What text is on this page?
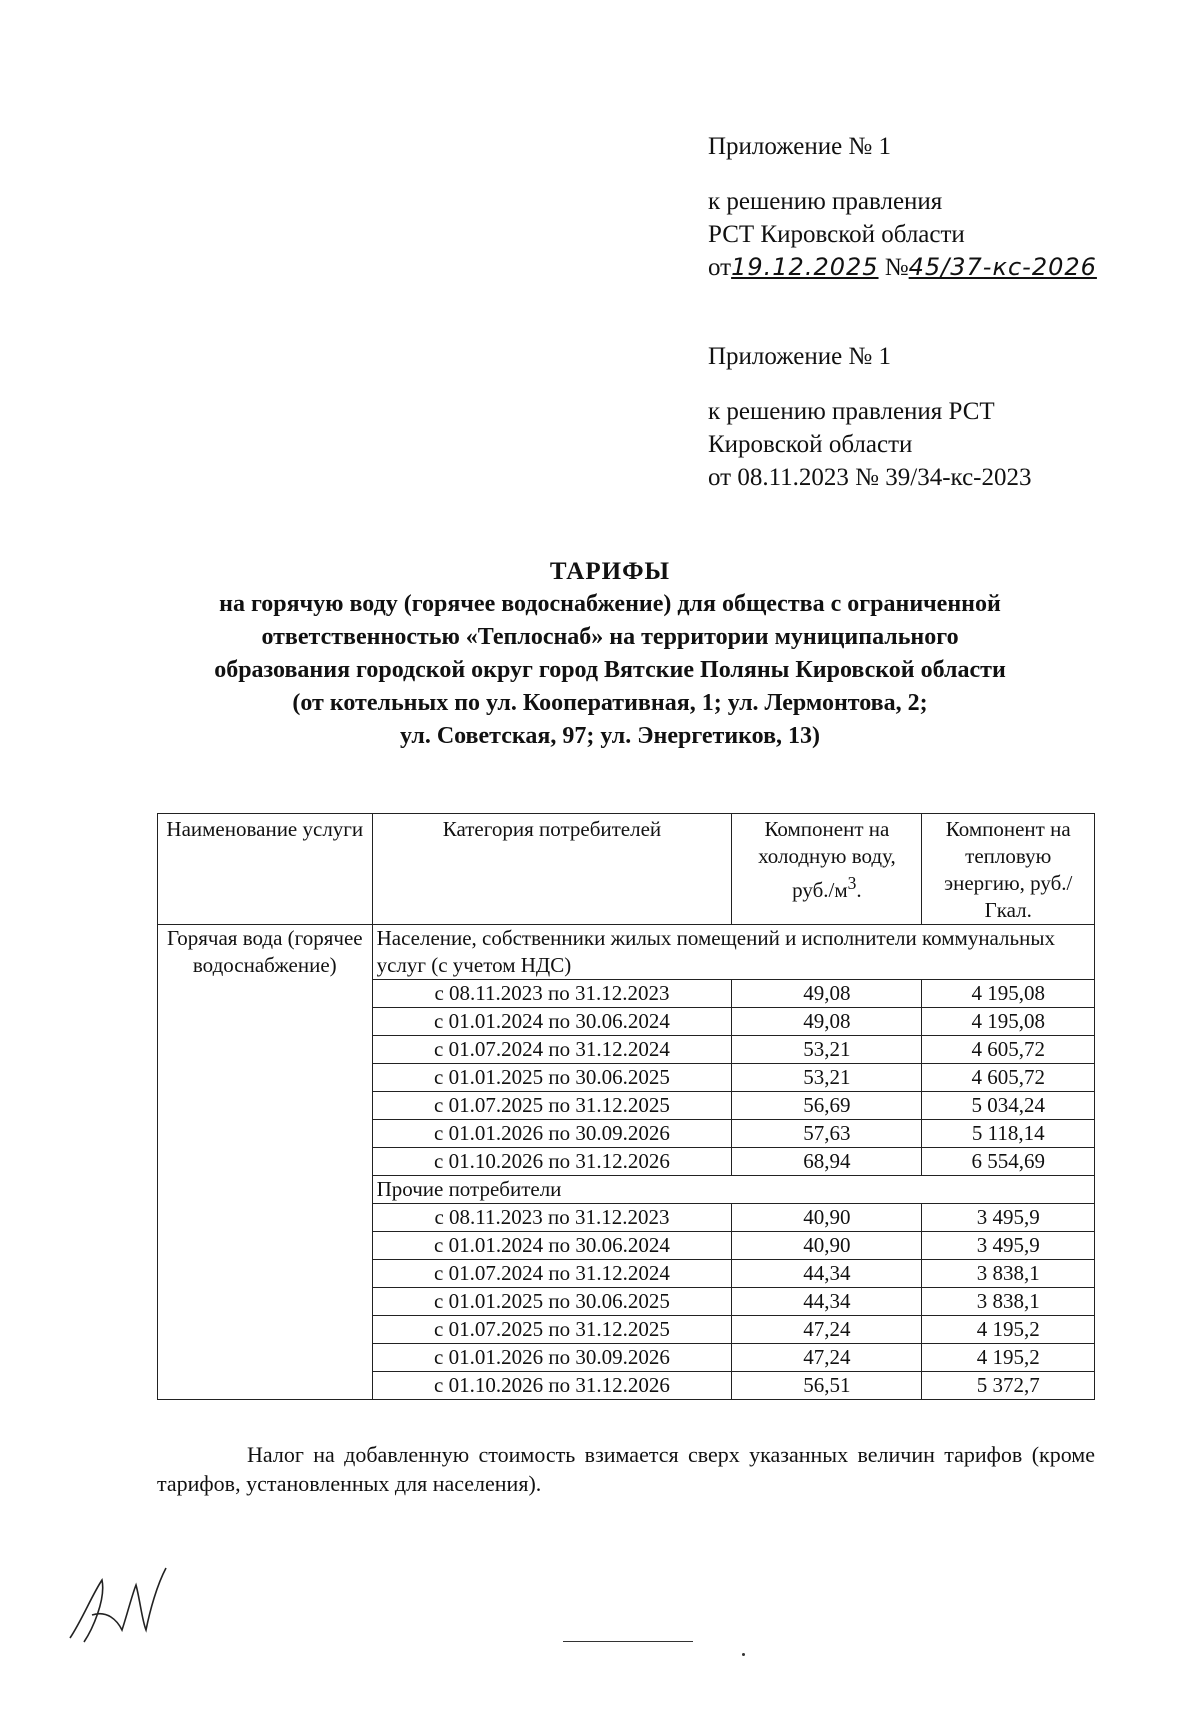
Приложение № 1
к решению правления
РСТ Кировской области
от19.12.2025 №45/37-кс-2026
Приложение № 1
к решению правления РСТ
Кировской области
от 08.11.2023 № 39/34-кс-2023
ТАРИФЫ
на горячую воду (горячее водоснабжение) для общества с ограниченной
ответственностью «Теплоснаб» на территории муниципального
образования городской округ город Вятские Поляны Кировской области
(от котельных по ул. Кооперативная, 1; ул. Лермонтова, 2;
ул. Советская, 97; ул. Энергетиков, 13)
Наименование услуги	Категория потребителей	Компонент на холодную воду, $руб./м^3$.	Компонент на тепловую энергию, руб./Гкал.
Горячая вода (горячее водоснабжение)	Население, собственники жилых помещений и исполнители коммунальных услуг (с учетом НДС)		
	с 08.11.2023 по 31.12.2023	49,08	4 195,08
	с 01.01.2024 по 30.06.2024	49,08	4 195,08
	с 01.07.2024 по 31.12.2024	53,21	4 605,72
	с 01.01.2025 по 30.06.2025	53,21	4 605,72
	с 01.07.2025 по 31.12.2025	56,69	5 034,24
	с 01.01.2026 по 30.09.2026	57,63	5 118,14
	с 01.10.2026 по 31.12.2026	68,94	6 554,69
	Прочие потребители		
	с 08.11.2023 по 31.12.2023	40,90	3 495,9
	с 01.01.2024 по 30.06.2024	40,90	3 495,9
	с 01.07.2024 по 31.12.2024	44,34	3 838,1
	с 01.01.2025 по 30.06.2025	44,34	3 838,1
	с 01.07.2025 по 31.12.2025	47,24	4 195,2
	с 01.01.2026 по 30.09.2026	47,24	4 195,2
	с 01.10.2026 по 31.12.2026	56,51	5 372,7
Налог на добавленную стоимость взимается сверх указанных величин тарифов (кроме тарифов, установленных для населения).
